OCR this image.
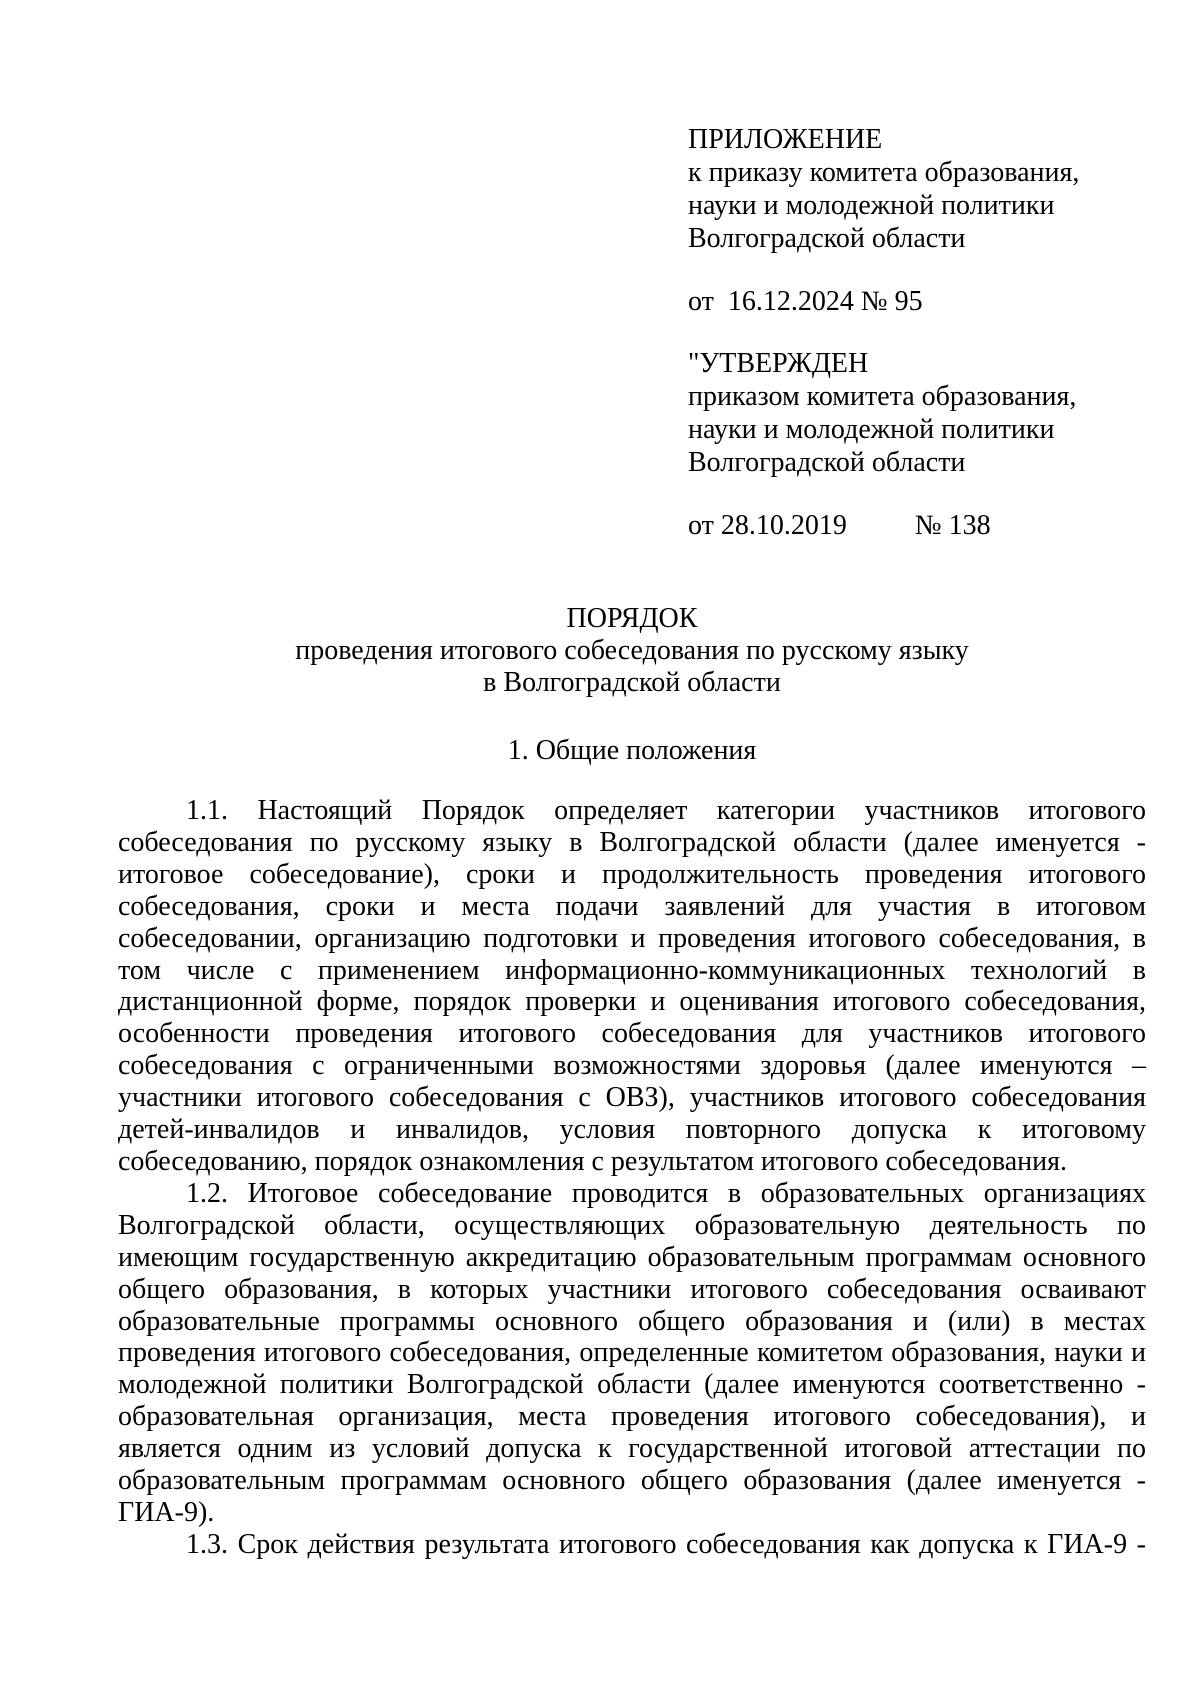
ПРИЛОЖЕНИЕ
к приказу комитета образования,
науки и молодежной политики
Волгоградской области
от  16.12.2024 № 95
"УТВЕРЖДЕН
приказом комитета образования,
науки и молодежной политики
Волгоградской области
от 28.10.2019 № 138
ПОРЯДОК
проведения итогового собеседования по русскому языку
в Волгоградской области
1. Общие положения

1.1. Настоящий Порядок определяет категории участников итогового собеседования по русскому языку в Волгоградской области (далее именуется - итоговое собеседование), сроки и продолжительность проведения итогового собеседования, сроки и места подачи заявлений для участия в итоговом собеседовании, организацию подготовки и проведения итогового собеседования, в том числе с применением информационно-коммуникационных технологий в дистанционной форме, порядок проверки и оценивания итогового собеседования, особенности проведения итогового собеседования для участников итогового собеседования с ограниченными возможностями здоровья (далее именуются – участники итогового собеседования с ОВЗ), участников итогового собеседования детей-инвалидов и инвалидов, условия повторного допуска к итоговому собеседованию, порядок ознакомления с результатом итогового собеседования.

1.2. Итоговое собеседование проводится в образовательных организациях Волгоградской области, осуществляющих образовательную деятельность по имеющим государственную аккредитацию образовательным программам основного общего образования, в которых участники итогового собеседования осваивают образовательные программы основного общего образования и (или) в местах проведения итогового собеседования, определенные комитетом образования, науки и молодежной политики Волгоградской области (далее именуются соответственно - образовательная организация, места проведения итогового собеседования), и является одним из условий допуска к государственной итоговой аттестации по образовательным программам основного общего образования (далее именуется - ГИА-9).

1.3. Срок действия результата итогового собеседования как допуска к ГИА-9 -
